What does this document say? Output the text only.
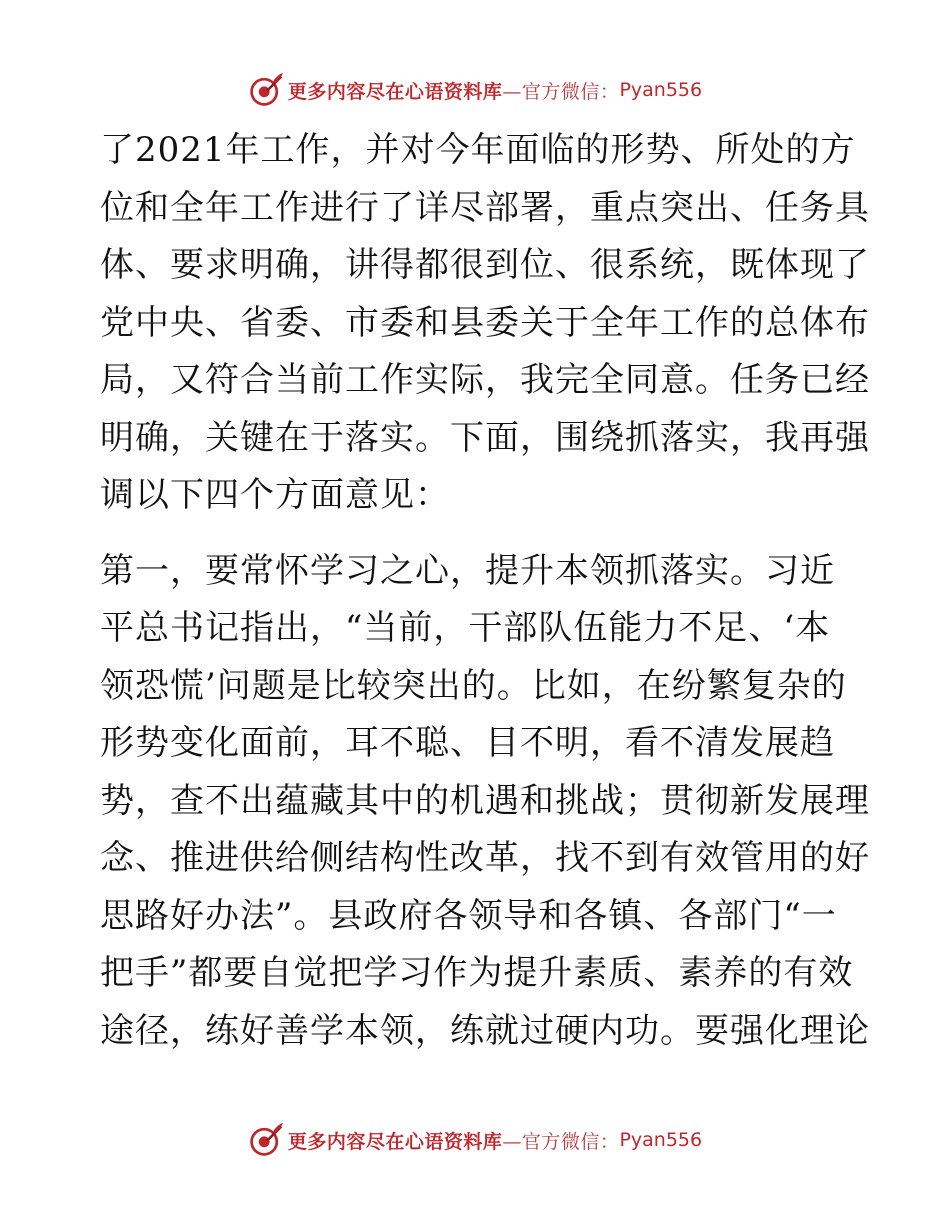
更多内容尽在心语资料库—官方微信： Pyan556

了2021年工作，并对今年面临的形势、所处的方
位和全年工作进行了详尽部署，重点突出、任务具
体、要求明确，讲得都很到位、很系统，既体现了
党中央、省委、市委和县委关于全年工作的总体布
局，又符合当前工作实际，我完全同意。任务已经
明确，关键在于落实。下面，围绕抓落实，我再强
调以下四个方面意见：

第一，要常怀学习之心，提升本领抓落实。习近
平总书记指出，“当前，干部队伍能力不足、‘本
领恐慌’问题是比较突出的。比如，在纷繁复杂的
形势变化面前，耳不聪、目不明，看不清发展趋
势，查不出蕴藏其中的机遇和挑战；贯彻新发展理
念、推进供给侧结构性改革，找不到有效管用的好
思路好办法”。县政府各领导和各镇、各部门“一
把手”都要自觉把学习作为提升素质、素养的有效
途径，练好善学本领，练就过硬内功。要强化理论

更多内容尽在心语资料库—官方微信： Pyan556
